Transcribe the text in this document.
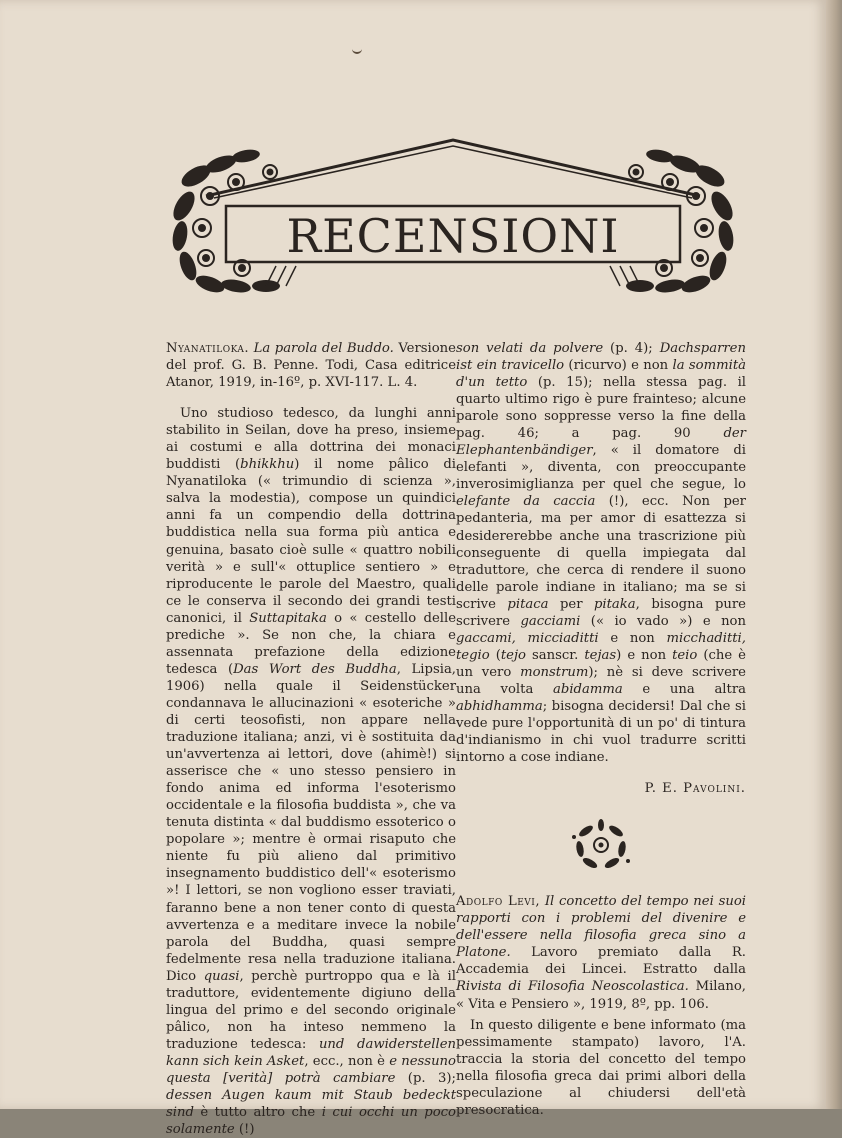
RECENSIONI

Nyanatiloka. La parola del Buddo. Versione del prof. G. B. Penne. Todi, Casa editrice Atanor, 1919, in-16º, p. XVI-117. L. 4.

Uno studioso tedesco, da lunghi anni stabilito in Seilan, dove ha preso, insieme ai costumi e alla dottrina dei monaci buddisti (bhikkhu) il nome pâlico di Nyanatiloka (« trimundio di scienza », salva la modestia), compose un quindici anni fa un compendio della dottrina buddistica nella sua forma più antica e genuina, basato cioè sulle « quattro nobili verità » e sull'« ottuplice sentiero » e riproducente le parole del Maestro, quali ce le conserva il secondo dei grandi testi canonici, il Suttapitaka o « cestello delle prediche ». Se non che, la chiara e assennata prefazione della edizione tedesca (Das Wort des Buddha, Lipsia, 1906) nella quale il Seidenstücker condannava le allucinazioni « esoteriche » di certi teosofisti, non appare nella traduzione italiana; anzi, vi è sostituita da un'avvertenza ai lettori, dove (ahimè!) si asserisce che « uno stesso pensiero in fondo anima ed informa l'esoterismo occidentale e la filosofia buddista », che va tenuta distinta « dal buddismo essoterico o popolare »; mentre è ormai risaputo che niente fu più alieno dal primitivo insegnamento buddistico dell'« esoterismo »! I lettori, se non vogliono esser traviati, faranno bene a non tener conto di questa avvertenza e a meditare invece la nobile parola del Buddha, quasi sempre fedelmente resa nella traduzione italiana. Dico quasi, perchè purtroppo qua e là il traduttore, evidentemente digiuno della lingua del primo e del secondo originale pâlico, non ha inteso nemmeno la traduzione tedesca: und dawiderstellen kann sich kein Asket, ecc., non è e nessuno questa [verità] potrà cambiare (p. 3); dessen Augen kaum mit Staub bedeckt sind è tutto altro che i cui occhi un poco solamente (!)

son velati da polvere (p. 4); Dachsparren ist ein travicello (ricurvo) e non la sommità d'un tetto (p. 15); nella stessa pag. il quarto ultimo rigo è pure frainteso; alcune parole sono soppresse verso la fine della pag. 46; a pag. 90 der Elephantenbändiger, « il domatore di elefanti », diventa, con preoccupante inverosimiglianza per quel che segue, lo elefante da caccia (!), ecc. Non per pedanteria, ma per amor di esattezza si desidererebbe anche una trascrizione più conseguente di quella impiegata dal traduttore, che cerca di rendere il suono delle parole indiane in italiano; ma se si scrive pitaca per pitaka, bisogna pure scrivere gacciami (« io vado ») e non gaccami, micciaditti e non micchaditti, tegio (tejo sanscr. tejas) e non teio (che è un vero monstrum); nè si deve scrivere una volta abidamma e una altra abhidhamma; bisogna decidersi! Dal che si vede pure l'opportunità di un po' di tintura d'indianismo in chi vuol tradurre scritti intorno a cose indiane.

P. E. Pavolini.

Adolfo Levi, Il concetto del tempo nei suoi rapporti con i problemi del divenire e dell'essere nella filosofia greca sino a Platone. Lavoro premiato dalla R. Accademia dei Lincei. Estratto dalla Rivista di Filosofia Neoscolastica. Milano, « Vita e Pensiero », 1919, 8º, pp. 106.

In questo diligente e bene informato (ma pessimamente stampato) lavoro, l'A. traccia la storia del concetto del tempo nella filosofia greca dai primi albori della speculazione al chiudersi dell'età presocratica.
